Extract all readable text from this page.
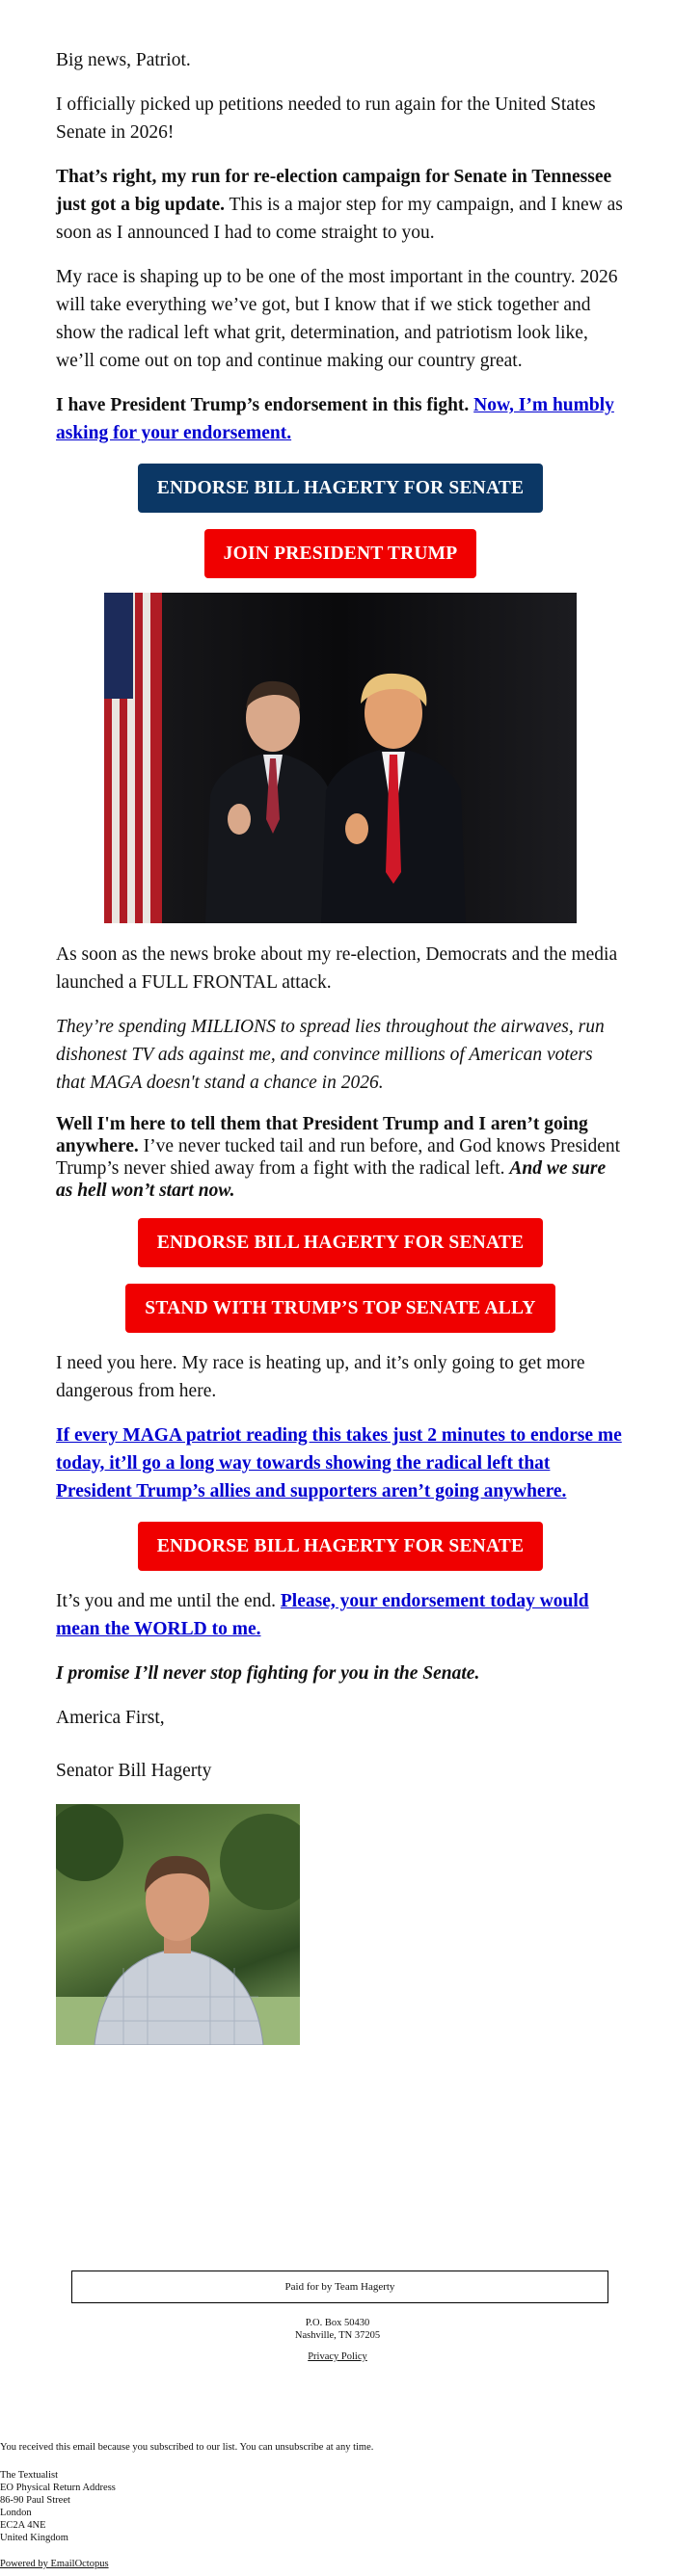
Big news, Patriot.

I officially picked up petitions needed to run again for the United States Senate in 2026!

That’s right, my run for re-election campaign for Senate in Tennessee just got a big update. This is a major step for my campaign, and I knew as soon as I announced I had to come straight to you.

My race is shaping up to be one of the most important in the country. 2026 will take everything we’ve got, but I know that if we stick together and show the radical left what grit, determination, and patriotism look like, we’ll come out on top and continue making our country great.

I have President Trump’s endorsement in this fight. Now, I’m humbly asking for your endorsement.

ENDORSE BILL HAGERTY FOR SENATE
JOIN PRESIDENT TRUMP

As soon as the news broke about my re-election, Democrats and the media launched a FULL FRONTAL attack.

They’re spending MILLIONS to spread lies throughout the airwaves, run dishonest TV ads against me, and convince millions of American voters that MAGA doesn't stand a chance in 2026.

Well I'm here to tell them that President Trump and I aren’t going anywhere. I’ve never tucked tail and run before, and God knows President Trump’s never shied away from a fight with the radical left. And we sure as hell won’t start now.

ENDORSE BILL HAGERTY FOR SENATE
STAND WITH TRUMP’S TOP SENATE ALLY

I need you here. My race is heating up, and it’s only going to get more dangerous from here.

If every MAGA patriot reading this takes just 2 minutes to endorse me today, it’ll go a long way towards showing the radical left that President Trump’s allies and supporters aren’t going anywhere.

ENDORSE BILL HAGERTY FOR SENATE

It’s you and me until the end. Please, your endorsement today would mean the WORLD to me.

I promise I’ll never stop fighting for you in the Senate.

America First,

Senator Bill Hagerty

Paid for by Team Hagerty
P.O. Box 50430
Nashville, TN 37205
Privacy Policy
You received this email because you subscribed to our list. You can unsubscribe at any time.
The Textualist
EO Physical Return Address
86-90 Paul Street
London
EC2A 4NE
United Kingdom
Powered by EmailOctopus
